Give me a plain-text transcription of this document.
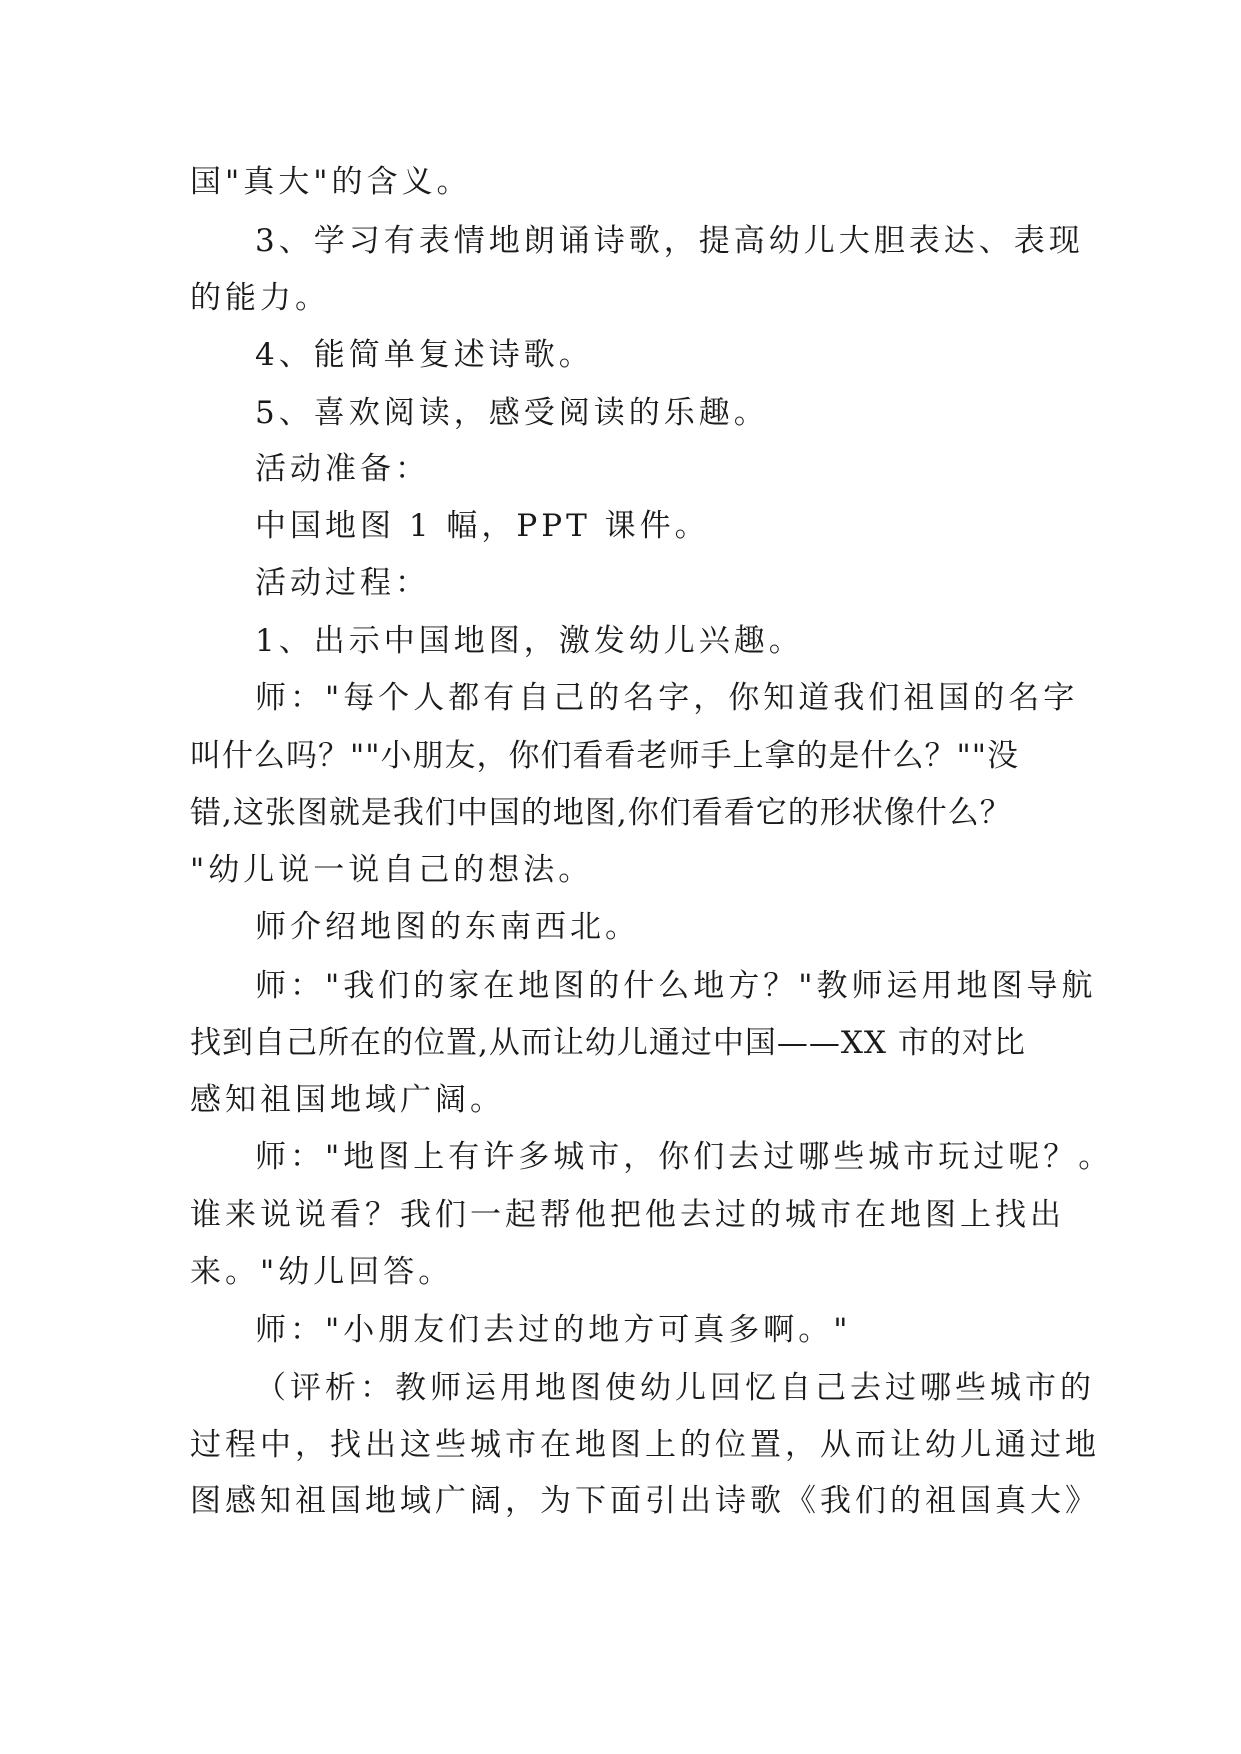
国"真大"的含义。
3、学习有表情地朗诵诗歌，提高幼儿大胆表达、表现
的能力。
4、能简单复述诗歌。
5、喜欢阅读，感受阅读的乐趣。
活动准备：
中国地图 1 幅，PPT 课件。
活动过程：
1、出示中国地图，激发幼儿兴趣。
师："每个人都有自己的名字，你知道我们祖国的名字
叫什么吗？""小朋友，你们看看老师手上拿的是什么？""没
错,这张图就是我们中国的地图,你们看看它的形状像什么？
"幼儿说一说自己的想法。
师介绍地图的东南西北。
师："我们的家在地图的什么地方？"教师运用地图导航
找到自己所在的位置,从而让幼儿通过中国——XX 市的对比
感知祖国地域广阔。
师："地图上有许多城市，你们去过哪些城市玩过呢？。
谁来说说看？我们一起帮他把他去过的城市在地图上找出
来。"幼儿回答。
师："小朋友们去过的地方可真多啊。"
（评析：教师运用地图使幼儿回忆自己去过哪些城市的
过程中，找出这些城市在地图上的位置，从而让幼儿通过地
图感知祖国地域广阔，为下面引出诗歌《我们的祖国真大》
